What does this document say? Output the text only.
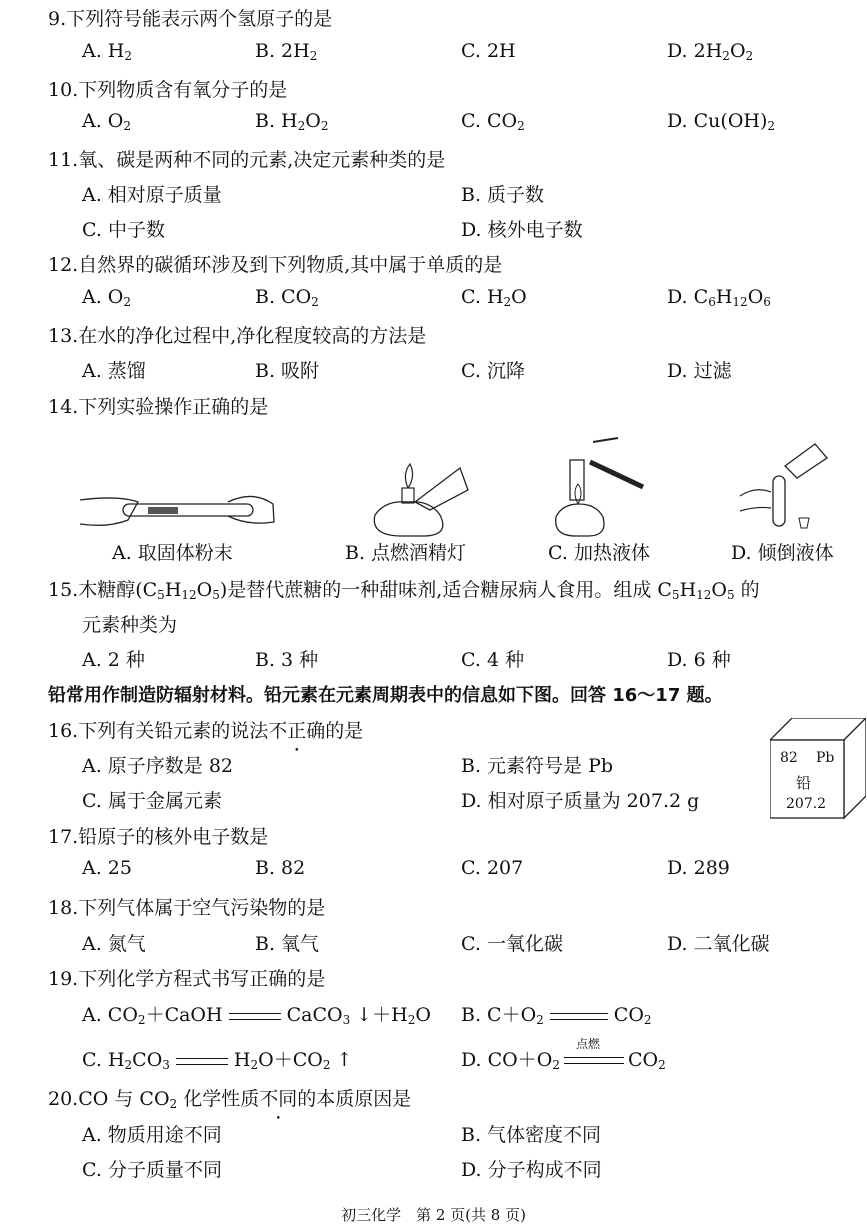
9.下列符号能表示两个氢原子的是
A. $H_2$	B. $2H_2$	C. 2H	D. $2H_2O_2$
10.下列物质含有氧分子的是
A. $O_2$	B. $H_2O_2$	C. $CO_2$	D. $Cu(OH)_2$
11.氧、碳是两种不同的元素,决定元素种类的是
A. 相对原子质量	B. 质子数
C. 中子数	D. 核外电子数
12.自然界的碳循环涉及到下列物质,其中属于单质的是
A. $O_2$	B. $CO_2$	C. $H_2O$	D. $C_6H_{12}O_6$
13.在水的净化过程中,净化程度较高的方法是
A. 蒸馏	B. 吸附	C. 沉降	D. 过滤
14.下列实验操作正确的是
A. 取固体粉末	B. 点燃酒精灯	C. 加热液体	D. 倾倒液体
15.木糖醇$(C_5H_{12}O_5)$是替代蔗糖的一种甜味剂,适合糖尿病人食用。组成 $C_5H_{12}O_5$ 的
元素种类为
A. 2 种	B. 3 种	C. 4 种	D. 6 种
铅常用作制造防辐射材料。铅元素在元素周期表中的信息如下图。回答 16～17 题。
16.下列有关铅元素的说法不正确的是
A. 原子序数是 82	B. 元素符号是 Pb
C. 属于金属元素	D. 相对原子质量为 207.2 g
82 Pb
铅
207.2
17.铅原子的核外电子数是
A. 25	B. 82	C. 207	D. 289
18.下列气体属于空气污染物的是
A. 氮气	B. 氧气	C. 一氧化碳	D. 二氧化碳
19.下列化学方程式书写正确的是
A. $CO_2+CaOH$	CaCO$_3$ $↓+H_2O$ B. $C+O_2$	$CO_2$
C. $H_2CO_3$	$H_2O+CO_2$ ↑	D. $CO+O_2$
点燃
$CO_2$
20.CO 与 $CO_2$ 化学性质不同的本质原因是
A. 物质用途不同	B. 气体密度不同
C. 分子质量不同	D. 分子构成不同
初三化学　第 2 页(共 8 页)
